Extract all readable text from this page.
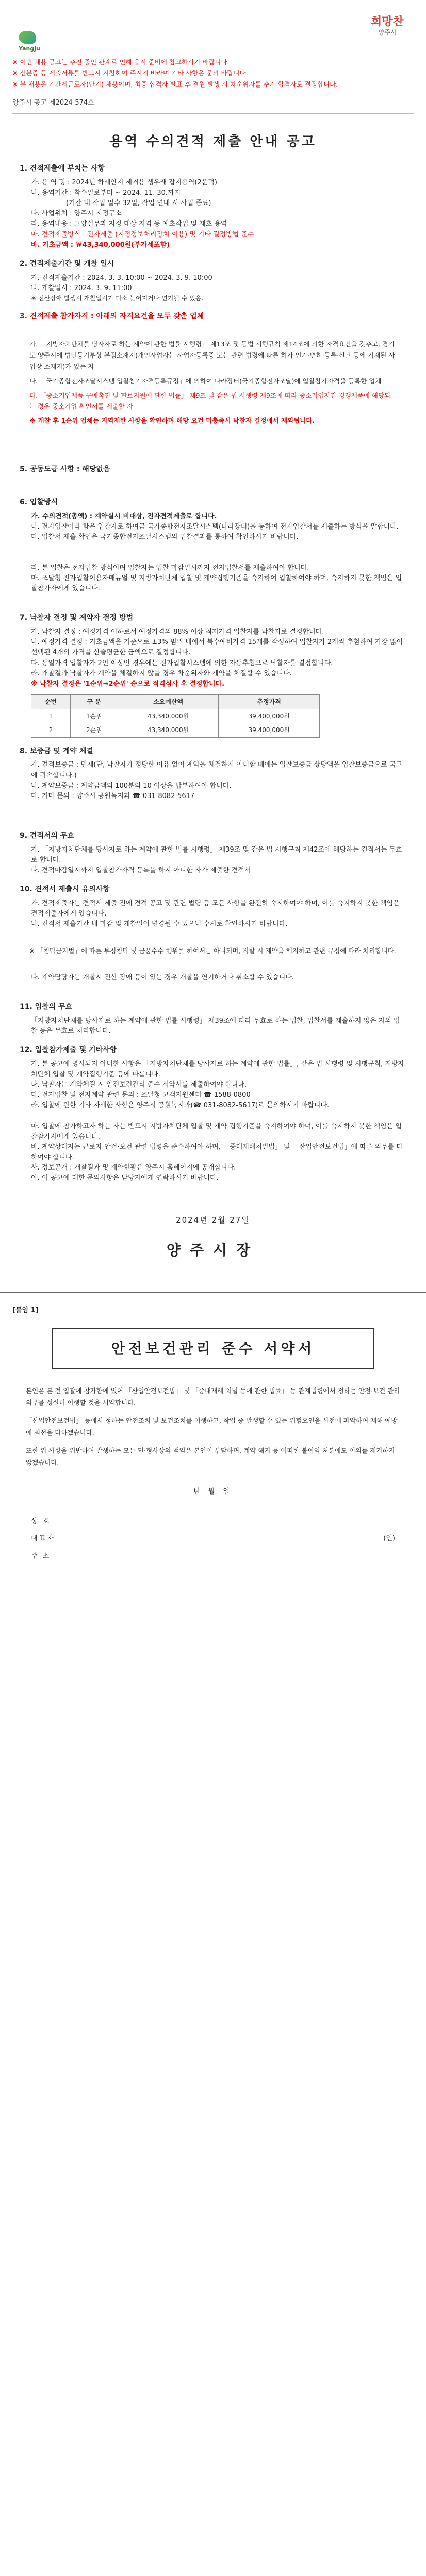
Yangju
희망찬
양주시
※ 이번 채용 공고는 추진 중인 관계로 인해 응시 준비에 참고하시기 바랍니다.
※ 신분증 등 제출서류를 반드시 지참하여 주시기 바라며 기타 사항은 문의 바랍니다.
※ 본 채용은 기간제근로자(단기) 채용이며, 최종 합격자 발표 후 결원 발생 시 차순위자를 추가 합격자로 결정합니다.
양주시 공고 제2024-574호
용역 수의견적 제출 안내 공고
1. 견적제출에 부치는 사항
가. 용 역 명 : 2024년 하세안지 제거용 생우래 잡지용역(2운덕)
나. 용역기간 : 착수일로부터 ~ 2024. 11. 30.까지
(기간 내 작업 일수 32일, 작업 면내 시 사업 종료)
다. 사업위치 : 양주시 지정구소
라. 용역내용 : 고양실무과 지정 대상 지역 등 예초작업 및 제초 용역
마. 견적제출방식 : 전자제출 (지정정보처리장치 이용) 및 기타 결정방법 준수
바. 기초금액 : ￦43,340,000원(부가세포함)
2. 견적제출기간 및 개찰 일시
가. 견적제출기간 : 2024. 3. 3. 10:00 ~ 2024. 3. 9. 10:00
나. 개찰일시 : 2024. 3. 9. 11:00
※ 전산장애 발생시 개찰일시가 다소 늦어지거나 연기될 수 있음.
3. 견적제출 참가자격 : 아래의 자격요건을 모두 갖춘 업체
가. 「지방자치단체를 당사자로 하는 계약에 관한 법률 시행령」 제13조 및 동법 시행규칙 제14조에 의한 자격요건을 갖추고, 경기도 양주시에 법인등기부상 본점소재지(개인사업자는 사업자등록증 또는 관련 법령에 따른 허가·인가·면허·등록·신고 등에 기재된 사업장 소재지)가 있는 자
나. 「국가종합전자조달시스템 입찰참가자격등록규정」에 의하여 나라장터(국가종합전자조달)에 입찰참가자격을 등록한 업체
다. 「중소기업제품 구매촉진 및 판로지원에 관한 법률」 제9조 및 같은 법 시행령 제9조에 따라 중소기업자간 경쟁제품에 해당되는 경우 중소기업 확인서를 제출한 자
※ 개찰 후 1순위 업체는 지역제한 사항을 확인하며 해당 요건 미충족시 낙찰자 결정에서 제외됩니다.
5. 공동도급 사항 : 해당없음
6. 입찰방식
가. 수의견적(총액) : 계약실시 비대상, 전자견적제출로 합니다.
나. 전자입찰이라 함은 입찰자로 하여금 국가종합전자조달시스템(나라장터)을 통하여 전자입찰서를 제출하는 방식을 말합니다.
다. 입찰서 제출 확인은 국가종합전자조달시스템의 입찰결과를 통하여 확인하시기 바랍니다.
라. 본 입찰은 전자입찰 방식이며 입찰자는 입찰 마감일시까지 전자입찰서를 제출하여야 합니다.
마. 조달청 전자입찰이용자매뉴얼 및 지방자치단체 입찰 및 계약집행기준을 숙지하여 입찰하여야 하며, 숙지하지 못한 책임은 입찰참가자에게 있습니다.
7. 낙찰자 결정 및 계약자 결정 방법
가. 낙찰자 결정 : 예정가격 이하로서 예정가격의 88% 이상 최저가격 입찰자를 낙찰자로 결정합니다.
나. 예정가격 결정 : 기초금액을 기준으로 ±3% 범위 내에서 복수예비가격 15개를 작성하여 입찰자가 2개씩 추첨하여 가장 많이 선택된 4개의 가격을 산술평균한 금액으로 결정합니다.
다. 동일가격 입찰자가 2인 이상인 경우에는 전자입찰시스템에 의한 자동추첨으로 낙찰자를 결정합니다.
라. 개찰결과 낙찰자가 계약을 체결하지 않을 경우 차순위자와 계약을 체결할 수 있습니다.
※ 낙찰자 결정은 '1순위→2순위' 순으로 적격심사 후 결정합니다.
순번	구 분	소요예산액	추정가격
1	1순위	43,340,000원	39,400,000원
2	2순위	43,340,000원	39,400,000원
8. 보증금 및 계약 체결
가. 견적보증금 : 면제(단, 낙찰자가 정당한 이유 없이 계약을 체결하지 아니할 때에는 입찰보증금 상당액을 입찰보증금으로 국고에 귀속합니다.)
나. 계약보증금 : 계약금액의 100분의 10 이상을 납부하여야 합니다.
다. 기타 문의 : 양주시 공원녹지과 ☎ 031-8082-5617
9. 견적서의 무효
가. 「지방자치단체를 당사자로 하는 계약에 관한 법률 시행령」 제39조 및 같은 법 시행규칙 제42조에 해당하는 견적서는 무효로 합니다.
나. 견적마감일시까지 입찰참가자격 등록을 하지 아니한 자가 제출한 견적서
10. 견적서 제출시 유의사항
가. 견적제출자는 견적서 제출 전에 견적 공고 및 관련 법령 등 모든 사항을 완전히 숙지하여야 하며, 이를 숙지하지 못한 책임은 견적제출자에게 있습니다.
나. 견적서 제출기간 내 마감 및 개찰일이 변경될 수 있으니 수시로 확인하시기 바랍니다.
※ 「청탁금지법」에 따른 부정청탁 및 금품수수 행위를 하여서는 아니되며, 적발 시 계약을 해지하고 관련 규정에 따라 처리합니다.
다. 계약담당자는 개찰시 전산 장애 등이 있는 경우 개찰을 연기하거나 취소할 수 있습니다.
11. 입찰의 무효
「지방자치단체를 당사자로 하는 계약에 관한 법률 시행령」 제39조에 따라 무효로 하는 입찰, 입찰서를 제출하지 않은 자의 입찰 등은 무효로 처리합니다.
12. 입찰참가제출 및 기타사항
가. 본 공고에 명시되지 아니한 사항은 「지방자치단체를 당사자로 하는 계약에 관한 법률」, 같은 법 시행령 및 시행규칙, 지방자치단체 입찰 및 계약집행기준 등에 따릅니다.
나. 낙찰자는 계약체결 시 안전보건관리 준수 서약서를 제출하여야 합니다.
다. 전자입찰 및 전자계약 관련 문의 : 조달청 고객지원센터 ☎ 1588-0800
라. 입찰에 관한 기타 자세한 사항은 양주시 공원녹지과(☎ 031-8082-5617)로 문의하시기 바랍니다.
마. 입찰에 참가하고자 하는 자는 반드시 지방자치단체 입찰 및 계약 집행기준을 숙지하여야 하며, 이를 숙지하지 못한 책임은 입찰참가자에게 있습니다.
바. 계약상대자는 근로자 안전·보건 관련 법령을 준수하여야 하며, 「중대재해처벌법」 및 「산업안전보건법」에 따른 의무를 다하여야 합니다.
사. 정보공개 : 개찰결과 및 계약현황은 양주시 홈페이지에 공개합니다.
아. 이 공고에 대한 문의사항은 담당자에게 연락하시기 바랍니다.
2024년 2월 27일
양주시장
[붙임 1]
안전보건관리 준수 서약서

본인은 본 건 입찰에 참가함에 있어 「산업안전보건법」 및 「중대재해 처벌 등에 관한 법률」 등 관계법령에서 정하는 안전·보건 관리 의무를 성실히 이행할 것을 서약합니다.

「산업안전보건법」 등에서 정하는 안전조치 및 보건조치를 이행하고, 작업 중 발생할 수 있는 위험요인을 사전에 파악하여 재해 예방에 최선을 다하겠습니다.

또한 위 사항을 위반하여 발생하는 모든 민·형사상의 책임은 본인이 부담하며, 계약 해지 등 어떠한 불이익 처분에도 이의를 제기하지 않겠습니다.

년 월 일
상 호
대표자	(인)
주 소
